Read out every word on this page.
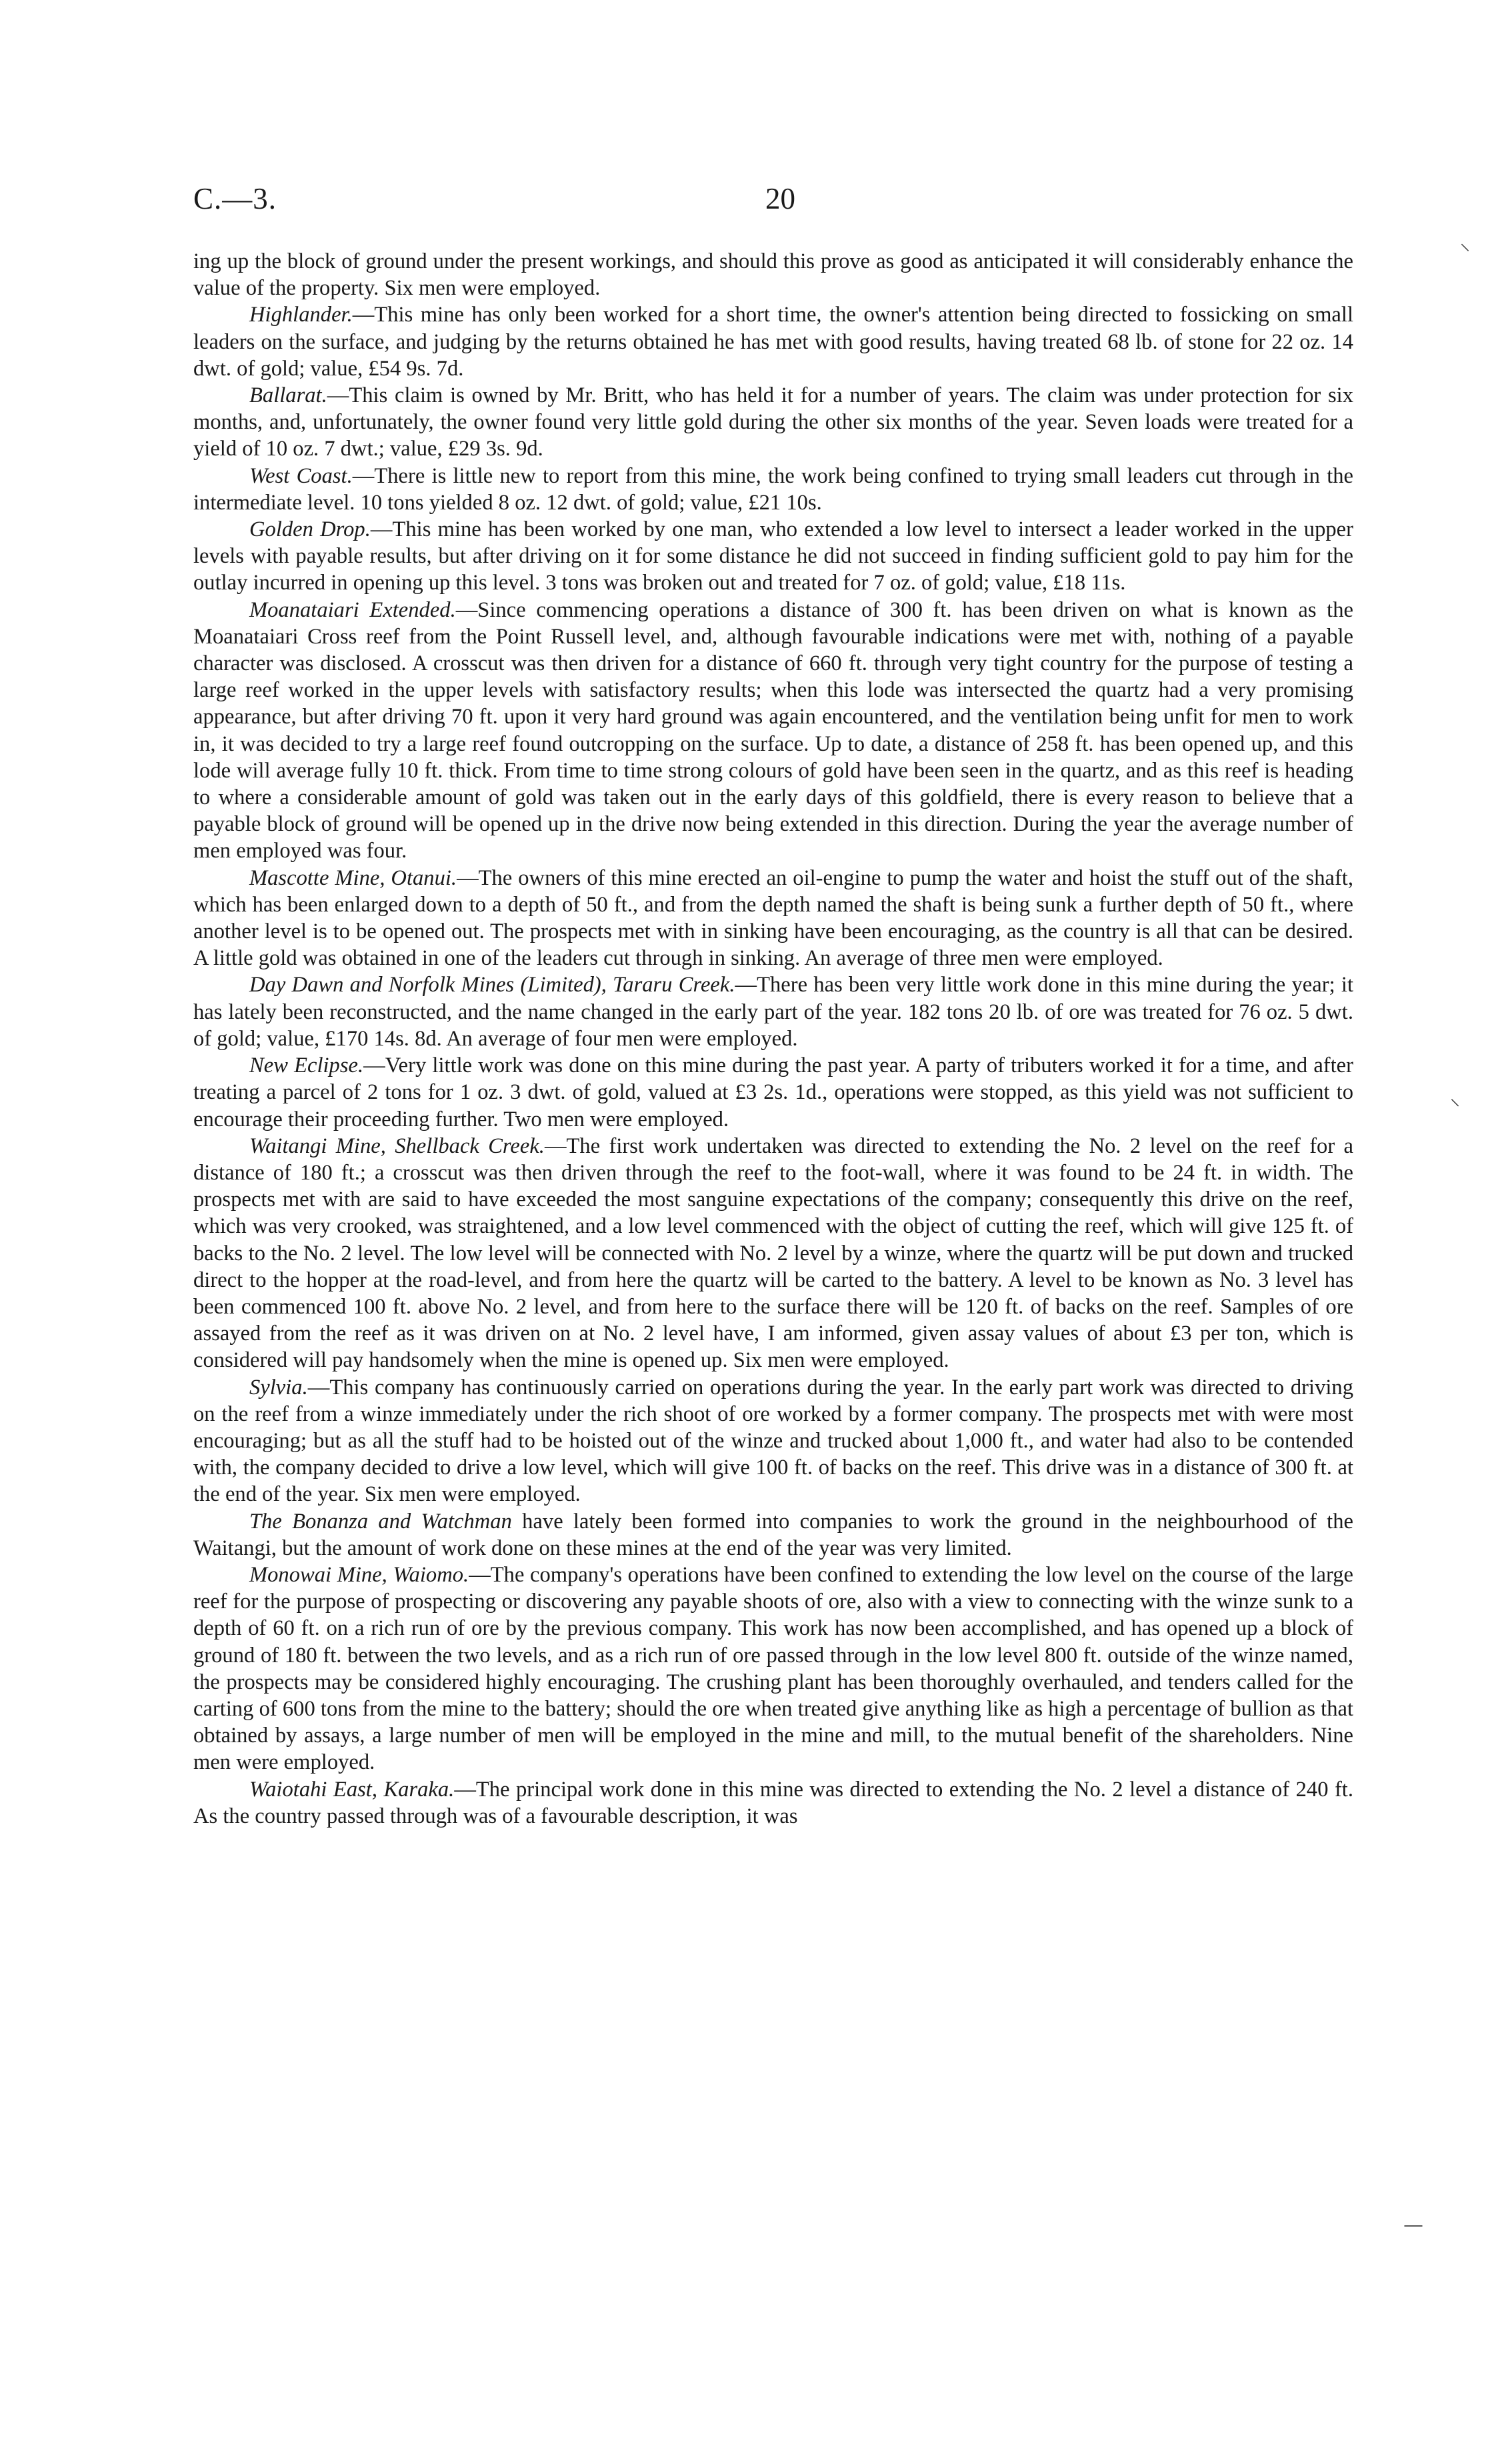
C.—3.	20

ing up the block of ground under the present workings, and should this prove as good as anticipated it will considerably enhance the value of the property. Six men were employed.

Highlander.—This mine has only been worked for a short time, the owner's attention being directed to fossicking on small leaders on the surface, and judging by the returns obtained he has met with good results, having treated 68 lb. of stone for 22 oz. 14 dwt. of gold; value, £54 9s. 7d.

Ballarat.—This claim is owned by Mr. Britt, who has held it for a number of years. The claim was under protection for six months, and, unfortunately, the owner found very little gold during the other six months of the year. Seven loads were treated for a yield of 10 oz. 7 dwt.; value, £29 3s. 9d.

West Coast.—There is little new to report from this mine, the work being confined to trying small leaders cut through in the intermediate level. 10 tons yielded 8 oz. 12 dwt. of gold; value, £21 10s.

Golden Drop.—This mine has been worked by one man, who extended a low level to intersect a leader worked in the upper levels with payable results, but after driving on it for some distance he did not succeed in finding sufficient gold to pay him for the outlay incurred in opening up this level. 3 tons was broken out and treated for 7 oz. of gold; value, £18 11s.

Moanataiari Extended.—Since commencing operations a distance of 300 ft. has been driven on what is known as the Moanataiari Cross reef from the Point Russell level, and, although favourable indications were met with, nothing of a payable character was disclosed. A crosscut was then driven for a distance of 660 ft. through very tight country for the purpose of testing a large reef worked in the upper levels with satisfactory results; when this lode was intersected the quartz had a very promising appearance, but after driving 70 ft. upon it very hard ground was again encountered, and the ventilation being unfit for men to work in, it was decided to try a large reef found outcropping on the surface. Up to date, a distance of 258 ft. has been opened up, and this lode will average fully 10 ft. thick. From time to time strong colours of gold have been seen in the quartz, and as this reef is heading to where a considerable amount of gold was taken out in the early days of this goldfield, there is every reason to believe that a payable block of ground will be opened up in the drive now being extended in this direction. During the year the average number of men employed was four.

Mascotte Mine, Otanui.—The owners of this mine erected an oil-engine to pump the water and hoist the stuff out of the shaft, which has been enlarged down to a depth of 50 ft., and from the depth named the shaft is being sunk a further depth of 50 ft., where another level is to be opened out. The prospects met with in sinking have been encouraging, as the country is all that can be desired. A little gold was obtained in one of the leaders cut through in sinking. An average of three men were employed.

Day Dawn and Norfolk Mines (Limited), Tararu Creek.—There has been very little work done in this mine during the year; it has lately been reconstructed, and the name changed in the early part of the year. 182 tons 20 lb. of ore was treated for 76 oz. 5 dwt. of gold; value, £170 14s. 8d. An average of four men were employed.

New Eclipse.—Very little work was done on this mine during the past year. A party of tributers worked it for a time, and after treating a parcel of 2 tons for 1 oz. 3 dwt. of gold, valued at £3 2s. 1d., operations were stopped, as this yield was not sufficient to encourage their proceeding further. Two men were employed.

Waitangi Mine, Shellback Creek.—The first work undertaken was directed to extending the No. 2 level on the reef for a distance of 180 ft.; a crosscut was then driven through the reef to the foot-wall, where it was found to be 24 ft. in width. The prospects met with are said to have exceeded the most sanguine expectations of the company; consequently this drive on the reef, which was very crooked, was straightened, and a low level commenced with the object of cutting the reef, which will give 125 ft. of backs to the No. 2 level. The low level will be connected with No. 2 level by a winze, where the quartz will be put down and trucked direct to the hopper at the road-level, and from here the quartz will be carted to the battery. A level to be known as No. 3 level has been commenced 100 ft. above No. 2 level, and from here to the surface there will be 120 ft. of backs on the reef. Samples of ore assayed from the reef as it was driven on at No. 2 level have, I am informed, given assay values of about £3 per ton, which is considered will pay handsomely when the mine is opened up. Six men were employed.

Sylvia.—This company has continuously carried on operations during the year. In the early part work was directed to driving on the reef from a winze immediately under the rich shoot of ore worked by a former company. The prospects met with were most encouraging; but as all the stuff had to be hoisted out of the winze and trucked about 1,000 ft., and water had also to be contended with, the company decided to drive a low level, which will give 100 ft. of backs on the reef. This drive was in a distance of 300 ft. at the end of the year. Six men were employed.

The Bonanza and Watchman have lately been formed into companies to work the ground in the neighbourhood of the Waitangi, but the amount of work done on these mines at the end of the year was very limited.

Monowai Mine, Waiomo.—The company's operations have been confined to extending the low level on the course of the large reef for the purpose of prospecting or discovering any payable shoots of ore, also with a view to connecting with the winze sunk to a depth of 60 ft. on a rich run of ore by the previous company. This work has now been accomplished, and has opened up a block of ground of 180 ft. between the two levels, and as a rich run of ore passed through in the low level 800 ft. outside of the winze named, the prospects may be considered highly encouraging. The crushing plant has been thoroughly overhauled, and tenders called for the carting of 600 tons from the mine to the battery; should the ore when treated give anything like as high a percentage of bullion as that obtained by assays, a large number of men will be employed in the mine and mill, to the mutual benefit of the shareholders. Nine men were employed.

Waiotahi East, Karaka.—The principal work done in this mine was directed to extending the No. 2 level a distance of 240 ft. As the country passed through was of a favourable description, it was

⸌
⸜
—
